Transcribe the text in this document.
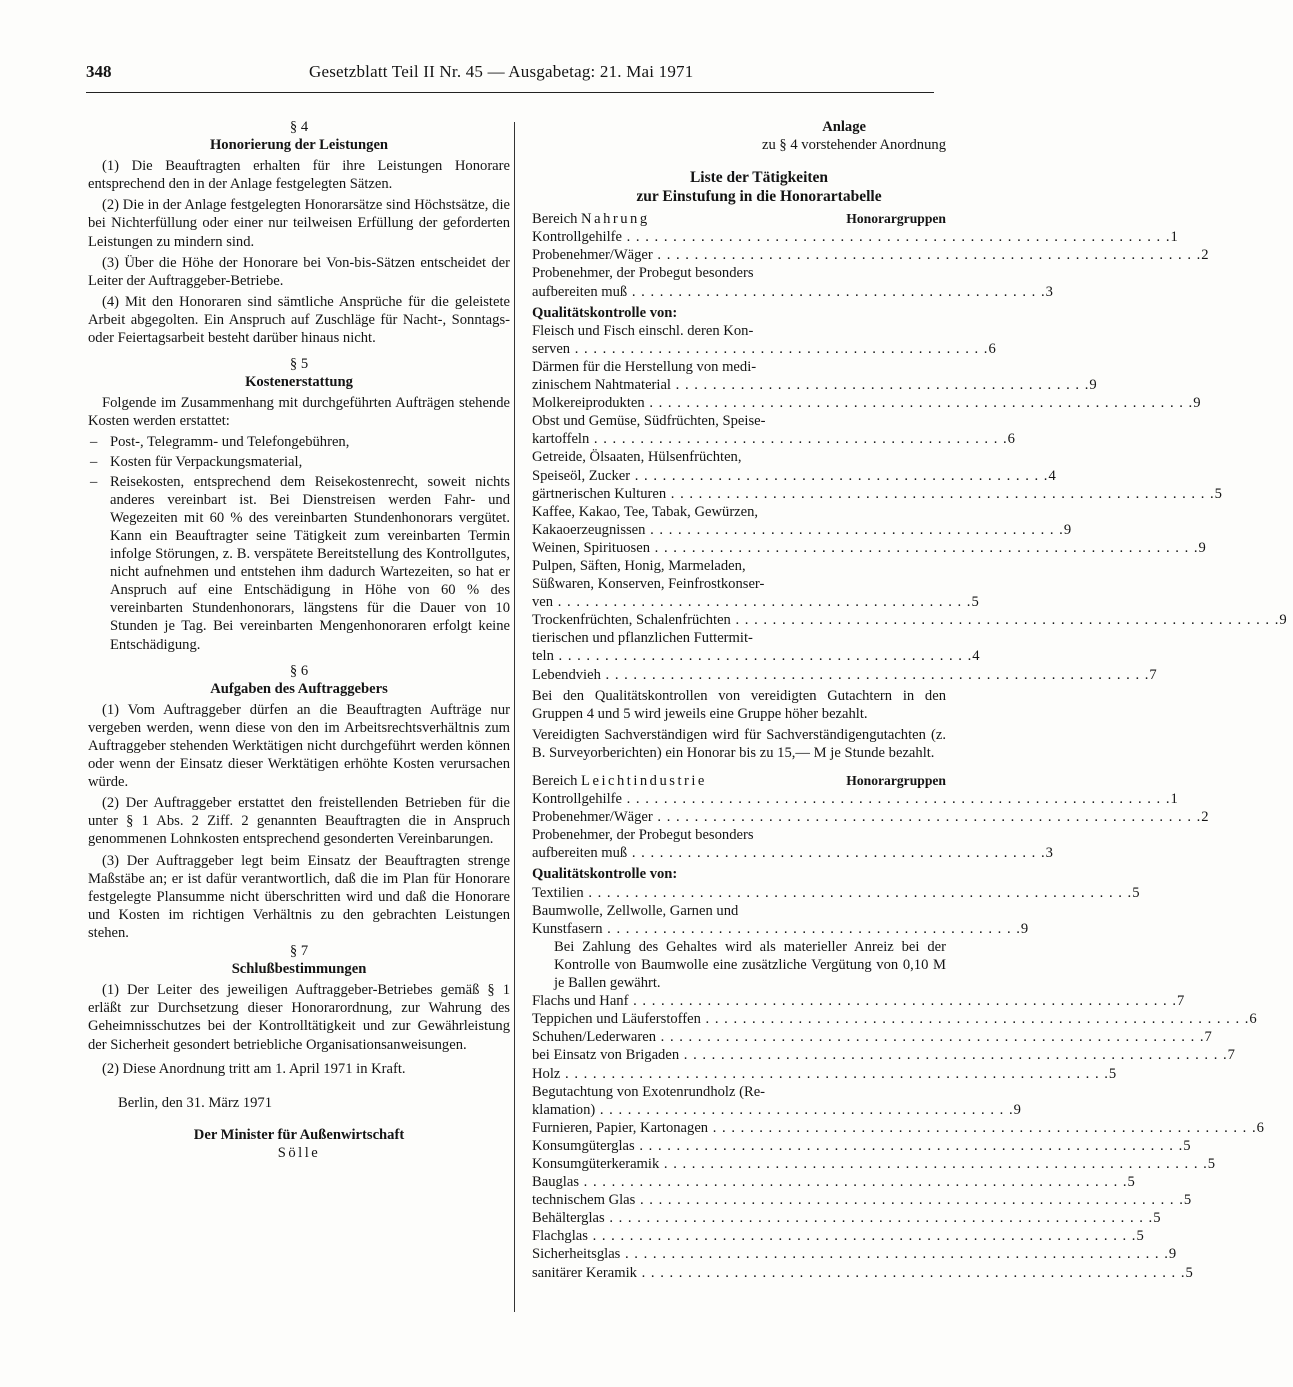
348	Gesetzblatt Teil II Nr. 45 — Ausgabetag: 21. Mai 1971
§ 4
Honorierung der Leistungen

(1) Die Beauftragten erhalten für ihre Leistungen Honorare entsprechend den in der Anlage festgelegten Sätzen.

(2) Die in der Anlage festgelegten Honorarsätze sind Höchstsätze, die bei Nichterfüllung oder einer nur teilweisen Erfüllung der geforderten Leistungen zu mindern sind.

(3) Über die Höhe der Honorare bei Von-bis-Sätzen entscheidet der Leiter der Auftraggeber-Betriebe.

(4) Mit den Honoraren sind sämtliche Ansprüche für die geleistete Arbeit abgegolten. Ein Anspruch auf Zuschläge für Nacht-, Sonntags- oder Feiertagsarbeit besteht darüber hinaus nicht.

§ 5
Kostenerstattung

Folgende im Zusammenhang mit durchgeführten Aufträgen stehende Kosten werden erstattet:

– Post-, Telegramm- und Telefongebühren,

– Kosten für Verpackungsmaterial,

– Reisekosten, entsprechend dem Reisekostenrecht, soweit nichts anderes vereinbart ist. Bei Dienstreisen werden Fahr- und Wegezeiten mit 60 % des vereinbarten Stundenhonorars vergütet. Kann ein Beauftragter seine Tätigkeit zum vereinbarten Termin infolge Störungen, z. B. verspätete Bereitstellung des Kontrollgutes, nicht aufnehmen und entstehen ihm dadurch Wartezeiten, so hat er Anspruch auf eine Entschädigung in Höhe von 60 % des vereinbarten Stundenhonorars, längstens für die Dauer von 10 Stunden je Tag. Bei vereinbarten Mengenhonoraren erfolgt keine Entschädigung.

§ 6
Aufgaben des Auftraggebers

(1) Vom Auftraggeber dürfen an die Beauftragten Aufträge nur vergeben werden, wenn diese von den im Arbeitsrechtsverhältnis zum Auftraggeber stehenden Werktätigen nicht durchgeführt werden können oder wenn der Einsatz dieser Werktätigen erhöhte Kosten verursachen würde.

(2) Der Auftraggeber erstattet den freistellenden Betrieben für die unter § 1 Abs. 2 Ziff. 2 genannten Beauftragten die in Anspruch genommenen Lohnkosten entsprechend gesonderten Vereinbarungen.

(3) Der Auftraggeber legt beim Einsatz der Beauftragten strenge Maßstäbe an; er ist dafür verantwortlich, daß die im Plan für Honorare festgelegte Plansumme nicht überschritten wird und daß die Honorare und Kosten im richtigen Verhältnis zu den gebrachten Leistungen stehen.

§ 7
Schlußbestimmungen

(1) Der Leiter des jeweiligen Auftraggeber-Betriebes gemäß § 1 erläßt zur Durchsetzung dieser Honorarordnung, zur Wahrung des Geheimnisschutzes bei der Kontrolltätigkeit und zur Gewährleistung der Sicherheit gesondert betriebliche Organisationsanweisungen.

(2) Diese Anordnung tritt am 1. April 1971 in Kraft.

Berlin, den 31. März 1971
Der Minister für Außenwirtschaft
Sölle
Anlage
zu § 4 vorstehender Anordnung
Liste der Tätigkeiten
zur Einstufung in die Honorartabelle
Bereich Nahrung	Honorargruppen
Kontrollgehilfe . . .	1
Probenehmer/Wäger . . .	2
Probenehmer, der Probegut besonders
aufbereiten muß . . .	3
Qualitätskontrolle von:
Fleisch und Fisch einschl. deren Kon-
serven . . .	6
Därmen für die Herstellung von medi-
zinischem Nahtmaterial . . .	9
Molkereiprodukten . . .	9
Obst und Gemüse, Südfrüchten, Speise-
kartoffeln . . .	6
Getreide, Ölsaaten, Hülsenfrüchten,
Speiseöl, Zucker . . .	4
gärtnerischen Kulturen . . .	5
Kaffee, Kakao, Tee, Tabak, Gewürzen,
Kakaoerzeugnissen . . .	9
Weinen, Spirituosen . . .	9
Pulpen, Säften, Honig, Marmeladen,
Süßwaren, Konserven, Feinfrostkonser-
ven . . .	5
Trockenfrüchten, Schalenfrüchten . . .	9
tierischen und pflanzlichen Futtermit-
teln . . .	4
Lebendvieh . . .	7
Bei den Qualitätskontrollen von vereidigten Gutachtern in den Gruppen 4 und 5 wird jeweils eine Gruppe höher bezahlt.
Vereidigten Sachverständigen wird für Sachverständigengutachten (z. B. Surveyorberichten) ein Honorar bis zu 15,— M je Stunde bezahlt.
Bereich Leichtindustrie	Honorargruppen
Kontrollgehilfe . . .	1
Probenehmer/Wäger . . .	2
Probenehmer, der Probegut besonders
aufbereiten muß . . .	3
Qualitätskontrolle von:
Textilien . . .	5
Baumwolle, Zellwolle, Garnen und
Kunstfasern . . .	9
Bei Zahlung des Gehaltes wird als materieller Anreiz bei der Kontrolle von Baumwolle eine zusätzliche Vergütung von 0,10 M je Ballen gewährt.
Flachs und Hanf . . .	7
Teppichen und Läuferstoffen . . .	6
Schuhen/Lederwaren . . .	7
bei Einsatz von Brigaden . . .	7
Holz . . .	5
Begutachtung von Exotenrundholz (Re-
klamation) . . .	9
Furnieren, Papier, Kartonagen . . .	6
Konsumgüterglas . . .	5
Konsumgüterkeramik . . .	5
Bauglas . . .	5
technischem Glas . . .	5
Behälterglas . . .	5
Flachglas . . .	5
Sicherheitsglas . . .	9
sanitärer Keramik . . .	5
